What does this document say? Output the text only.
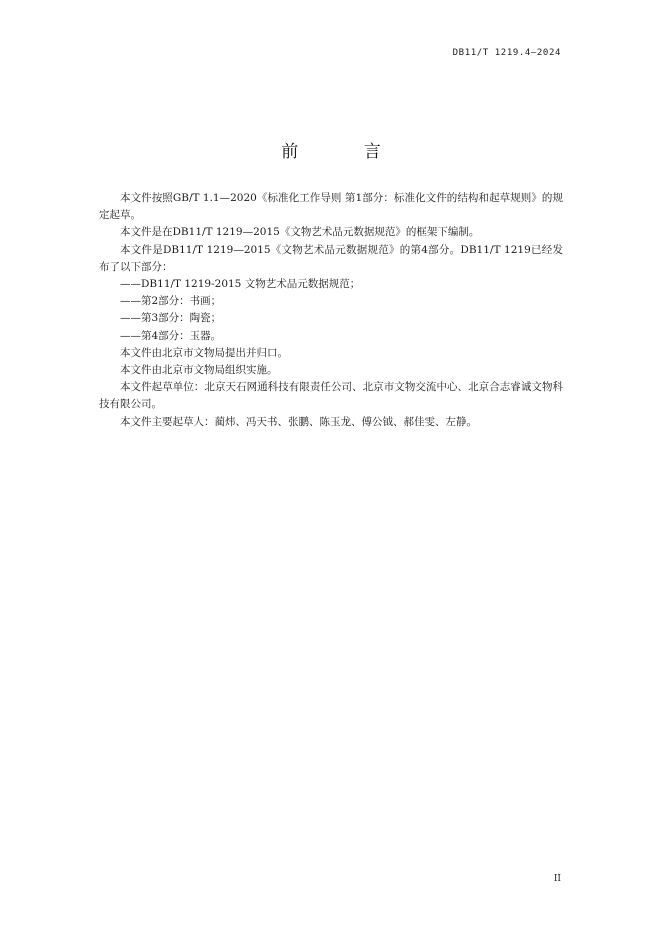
DB11/T 1219.4—2024
前 言

本文件按照GB/T 1.1—2020《标准化工作导则 第1部分：标准化文件的结构和起草规则》的规定起草。

本文件是在DB11/T 1219—2015《文物艺术品元数据规范》的框架下编制。

本文件是DB11/T 1219—2015《文物艺术品元数据规范》的第4部分。DB11/T 1219已经发布了以下部分：

——DB11/T 1219-2015 文物艺术品元数据规范；

——第2部分：书画；

——第3部分：陶瓷；

——第4部分：玉器。

本文件由北京市文物局提出并归口。

本文件由北京市文物局组织实施。

本文件起草单位：北京天石网通科技有限责任公司、北京市文物交流中心、北京合志睿诚文物科技有限公司。

本文件主要起草人：蔺炜、冯天书、张鹏、陈玉龙、傅公钺、郝佳雯、左静。

II
